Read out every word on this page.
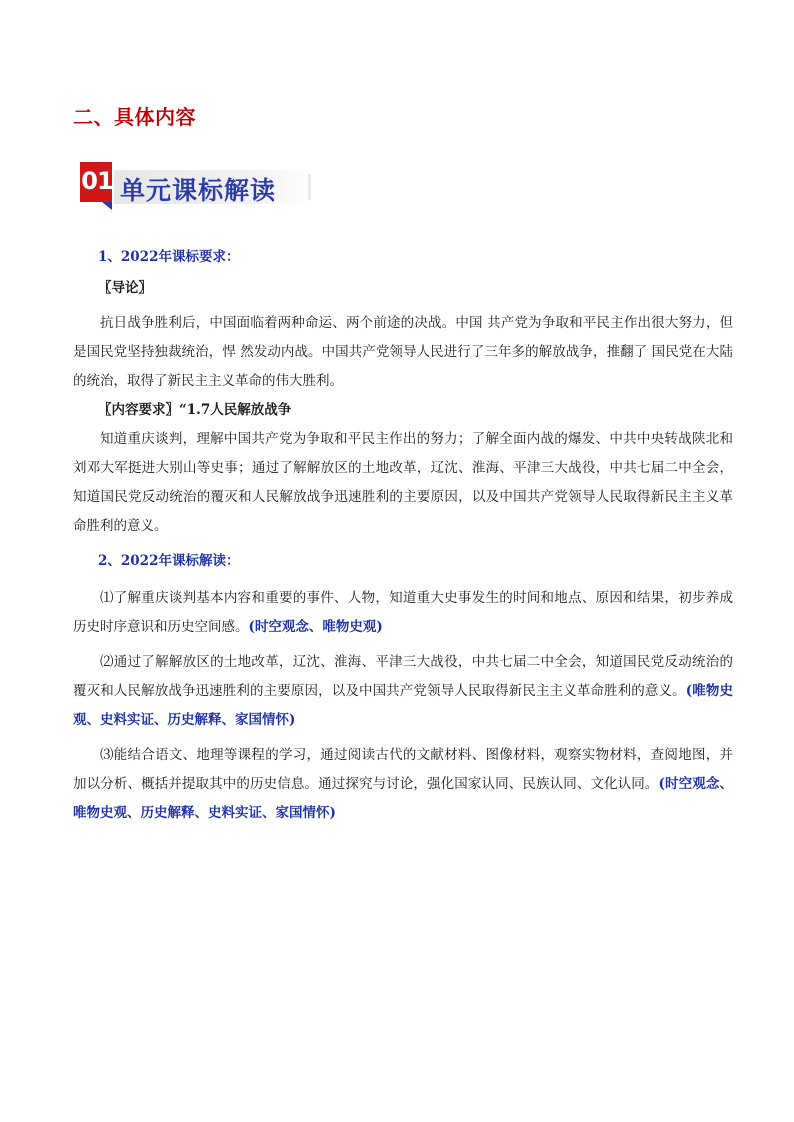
二、具体内容
01 单元课标解读

1、2022年课标要求：

〖导论〗

抗日战争胜利后，中国面临着两种命运、两个前途的决战。中国 共产党为争取和平民主作出很大努力，但是国民党坚持独裁统治，悍 然发动内战。中国共产党领导人民进行了三年多的解放战争，推翻了 国民党在大陆的统治，取得了新民主主义革命的伟大胜利。

〖内容要求〗“1.7人民解放战争

知道重庆谈判，理解中国共产党为争取和平民主作出的努力；了解全面内战的爆发、中共中央转战陕北和刘邓大军挺进大别山等史事；通过了解解放区的土地改革，辽沈、淮海、平津三大战役，中共七届二中全会，知道国民党反动统治的覆灭和人民解放战争迅速胜利的主要原因，以及中国共产党领导人民取得新民主主义革命胜利的意义。

2、2022年课标解读：

⑴了解重庆谈判基本内容和重要的事件、人物，知道重大史事发生的时间和地点、原因和结果，初步养成历史时序意识和历史空间感。(时空观念、唯物史观)

⑵通过了解解放区的土地改革，辽沈、淮海、平津三大战役，中共七届二中全会，知道国民党反动统治的覆灭和人民解放战争迅速胜利的主要原因，以及中国共产党领导人民取得新民主主义革命胜利的意义。(唯物史观、史料实证、历史解释、家国情怀)

⑶能结合语文、地理等课程的学习，通过阅读古代的文献材料、图像材料，观察实物材料，查阅地图，并加以分析、概括并提取其中的历史信息。通过探究与讨论，强化国家认同、民族认同、文化认同。(时空观念、唯物史观、历史解释、史料实证、家国情怀)
